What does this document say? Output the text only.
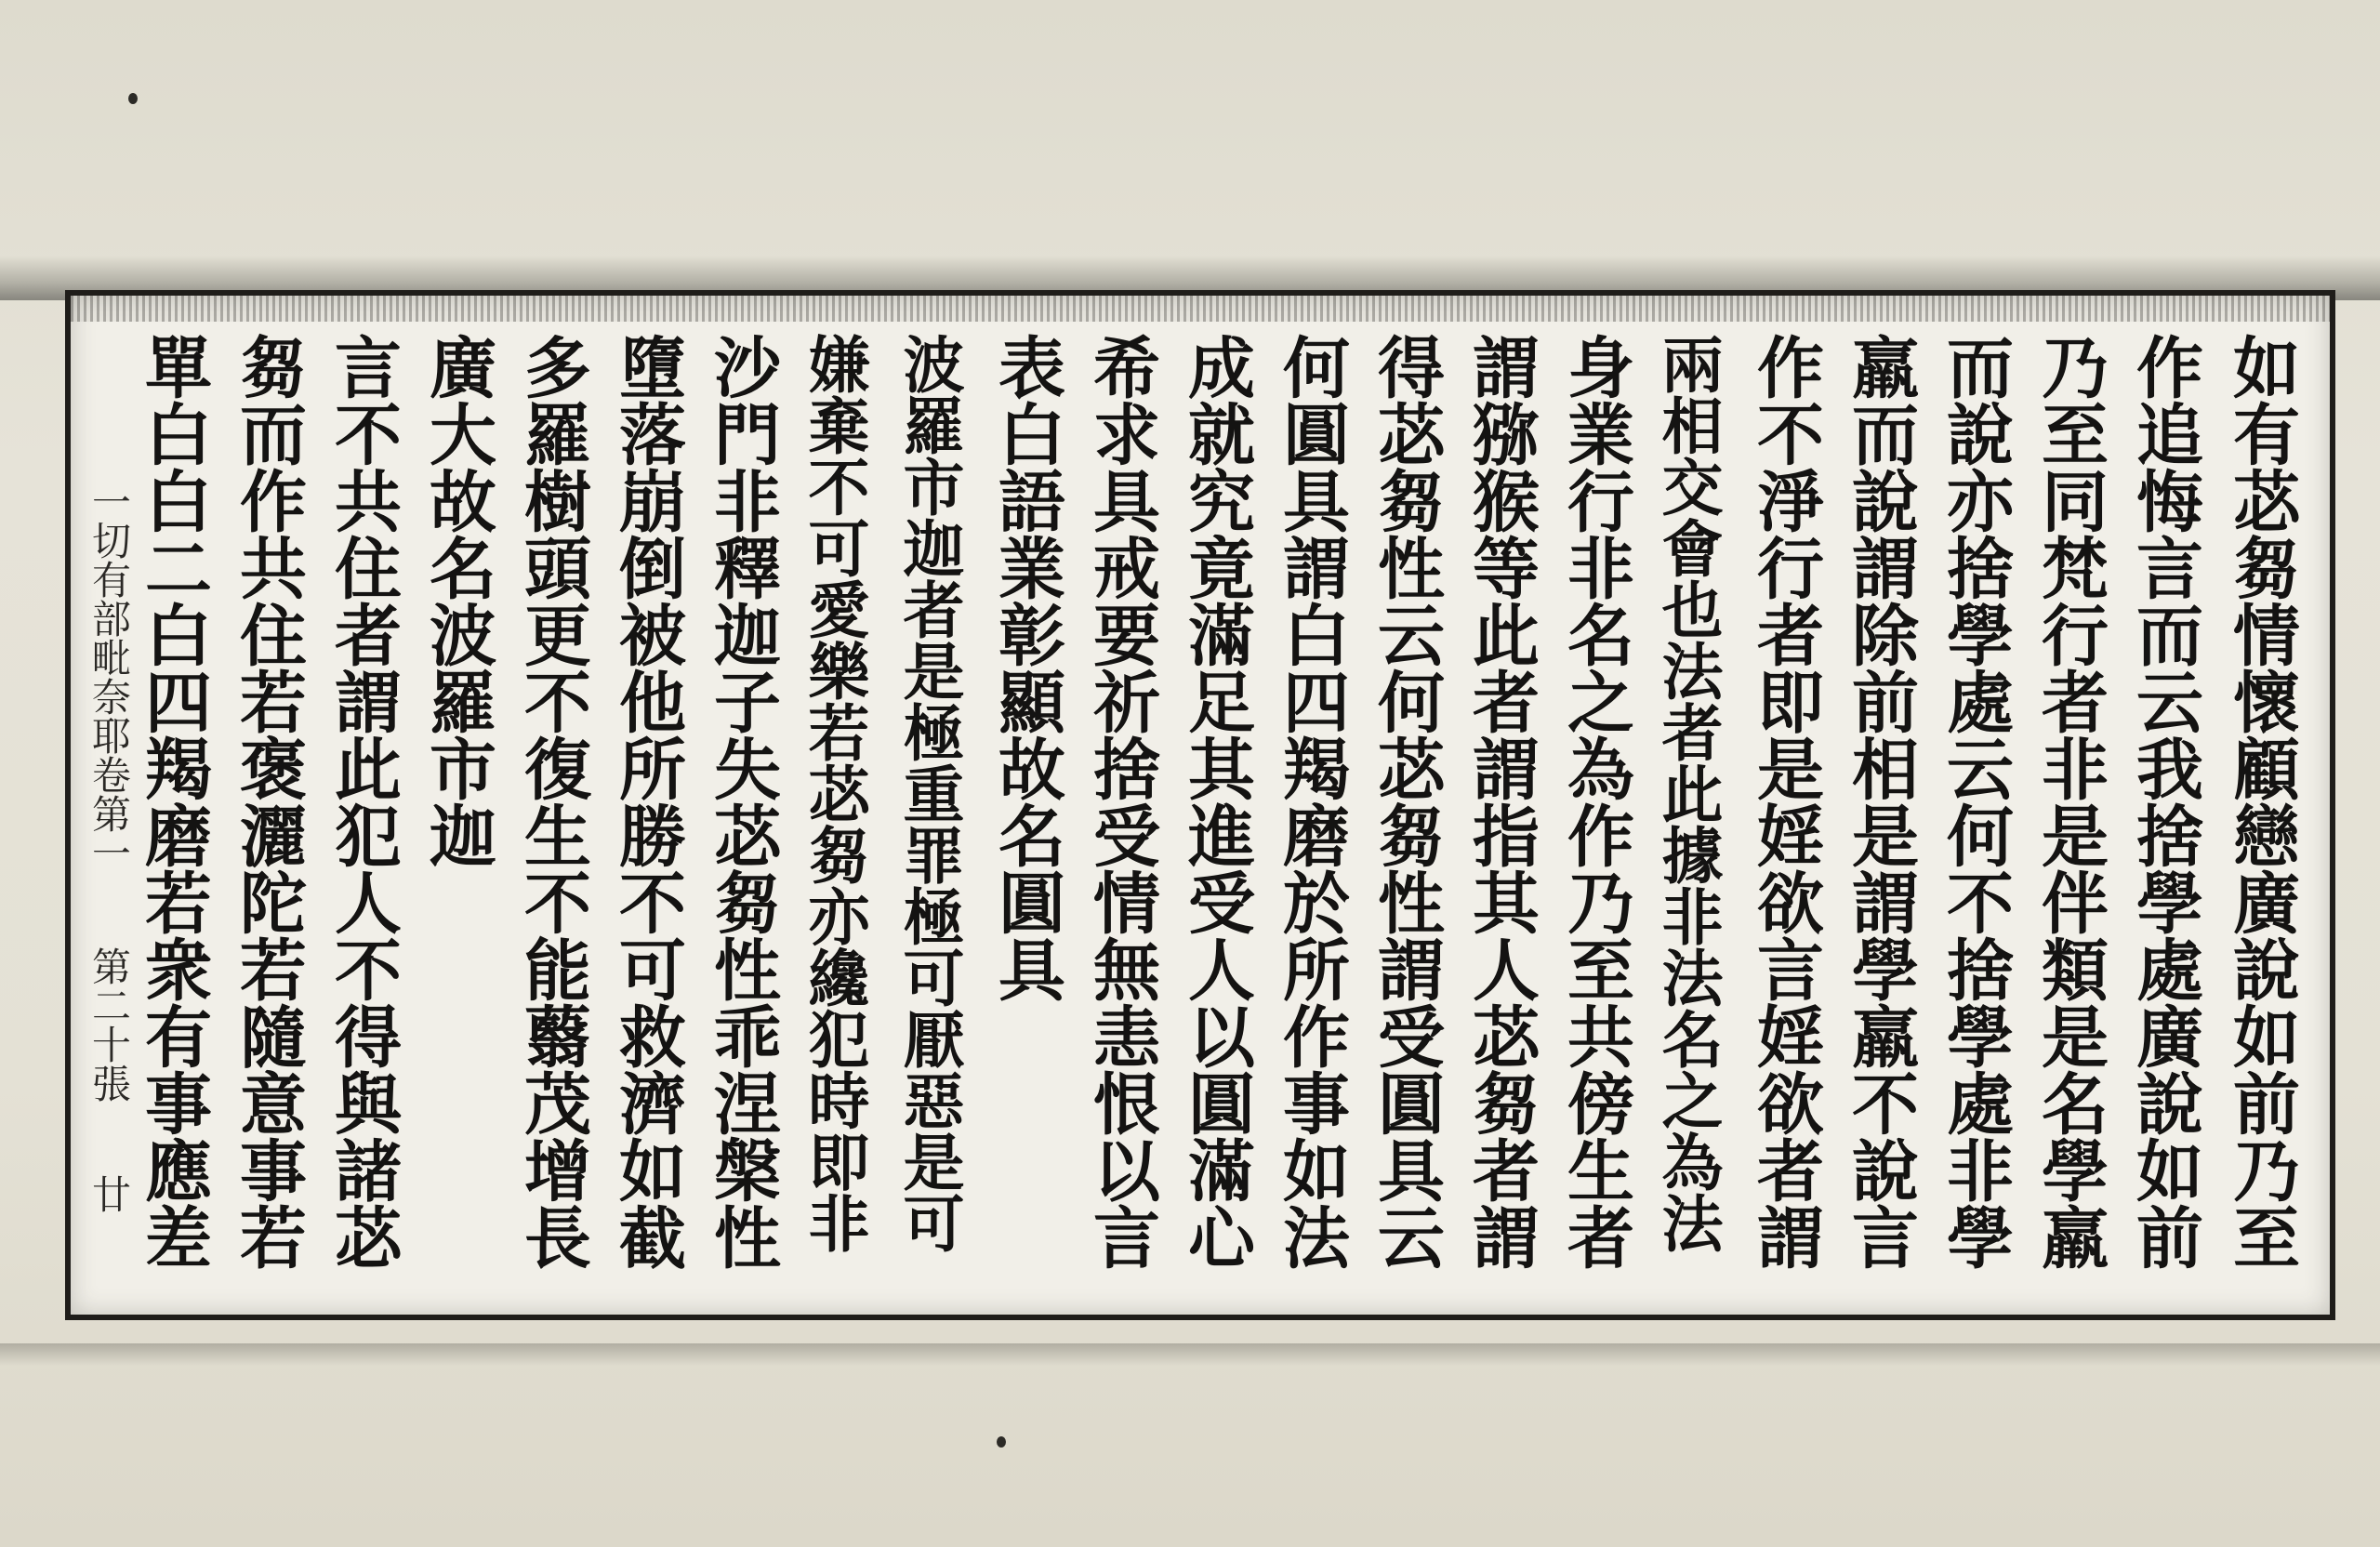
如有苾芻情懷顧戀廣說如前乃至
作追悔言而云我捨學處廣說如前
乃至同梵行者非是伴類是名學羸
而說亦捨學處云何不捨學處非學
羸而說謂除前相是謂學羸不說言
作不淨行者即是婬欲言婬欲者謂
兩相交會也法者此據非法名之為法
身業行非名之為作乃至共傍生者
謂猕猴等此者謂指其人苾芻者謂
得苾芻性云何苾芻性謂受圓具云
何圓具謂白四羯磨於所作事如法
成就究竟滿足其進受人以圓滿心
希求具戒要祈捨受情無恚恨以言
表白語業彰顯故名圓具
波羅市迦者是極重罪極可厭惡是可
嫌棄不可愛樂若苾芻亦纔犯時即非
沙門非釋迦子失苾芻性乖涅槃性
墮落崩倒被他所勝不可救濟如截
多羅樹頭更不復生不能蘙茂增長
廣大故名波羅市迦
言不共住者謂此犯人不得與諸苾
芻而作共住若褒灑陀若隨意事若
單白白二白四羯磨若衆有事應差
一切有部毗奈耶卷第一
第二十張
廿
